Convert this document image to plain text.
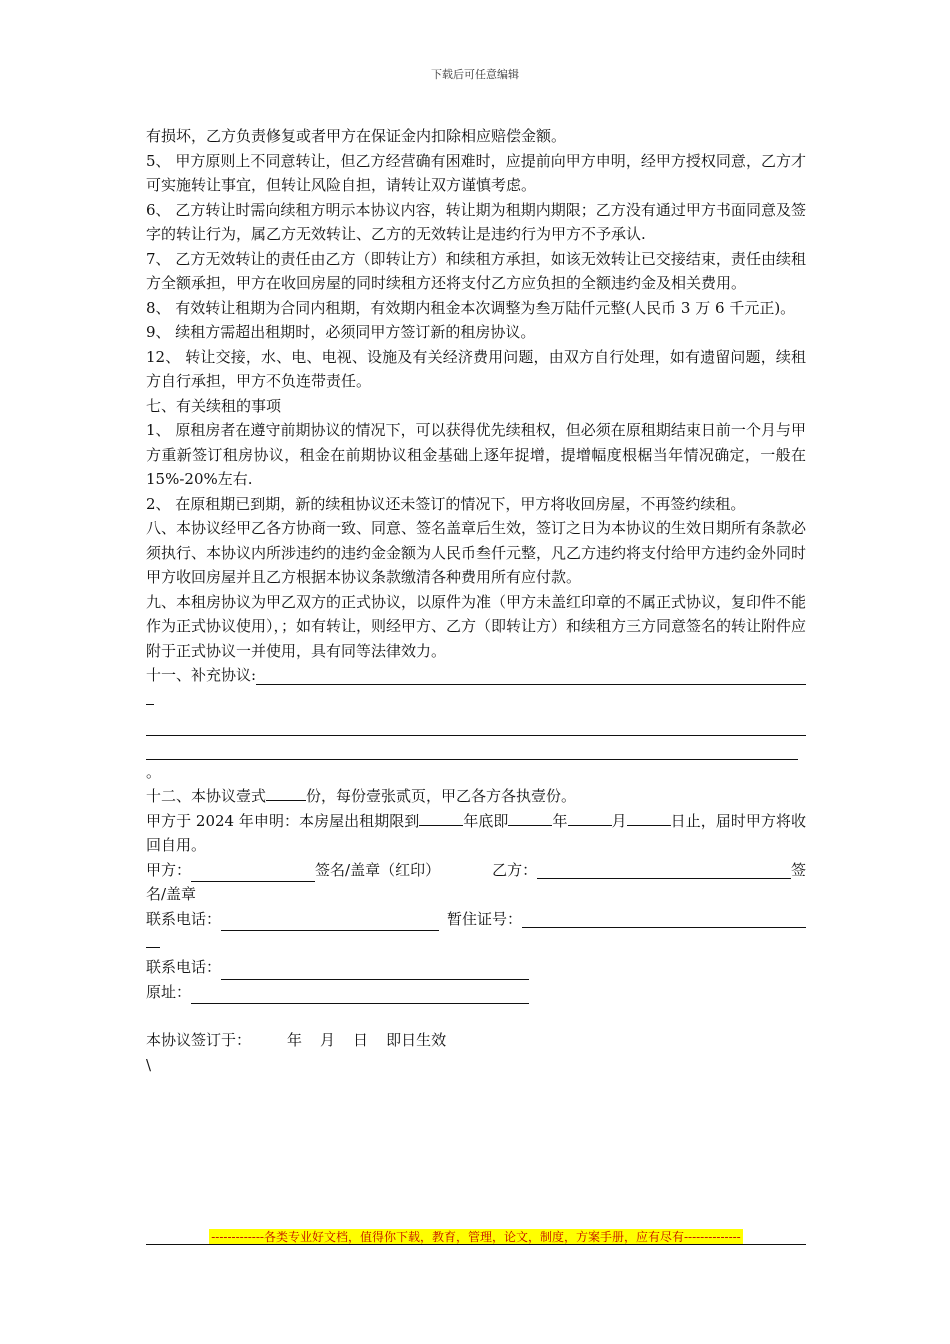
下载后可任意编辑

有损坏，乙方负责修复或者甲方在保证金内扣除相应赔偿金额。

5、 甲方原则上不同意转让，但乙方经营确有困难时，应提前向甲方申明，经甲方授权同意，乙方才可实施转让事宜，但转让风险自担，请转让双方谨慎考虑。

6、 乙方转让时需向续租方明示本协议内容，转让期为租期内期限；乙方没有通过甲方书面同意及签字的转让行为，属乙方无效转让、乙方的无效转让是违约行为甲方不予承认.

7、 乙方无效转让的责任由乙方（即转让方）和续租方承担，如该无效转让已交接结束，责任由续租方全额承担，甲方在收回房屋的同时续租方还将支付乙方应负担的全额违约金及相关费用。

8、 有效转让租期为合同内租期，有效期内租金本次调整为叁万陆仟元整(人民币 3 万 6 千元正)。

9、 续租方需超出租期时，必须同甲方签订新的租房协议。

12、 转让交接，水、电、电视、设施及有关经济费用问题，由双方自行处理，如有遗留问题，续租方自行承担，甲方不负连带责任。

七、有关续租的事项

1、 原租房者在遵守前期协议的情况下，可以获得优先续租权，但必须在原租期结束日前一个月与甲方重新签订租房协议，租金在前期协议租金基础上逐年捉增，提增幅度根椐当年情况确定，一般在 15%-20%左右.

2、 在原租期已到期，新的续租协议还未签订的情况下，甲方将收回房屋，不再签约续租。

八、本协议经甲乙各方协商一致、同意、签名盖章后生效，签订之日为本协议的生效日期所有条款必须执行、本协议内所涉违约的违约金金额为人民币叁仟元整，凡乙方违约将支付给甲方违约金外同时甲方收回房屋并且乙方根据本协议条款缴清各种费用所有应付款。

九、本租房协议为甲乙双方的正式协议，以原件为准（甲方未盖红印章的不属正式协议，复印件不能作为正式协议使用），；如有转让，则经甲方、乙方（即转让方）和续租方三方同意签名的转让附件应附于正式协议一并使用，具有同等法律效力。

十一、补充协议:
。
十二、本协议壹式	份，每份壹张贰页，甲乙各方各执壹份。

甲方于 2024 年申明：本房屋出租期限到	年底即	年	月	日止，届时甲方将收回自用。

甲方：	签名/盖章（红印）	乙方：	签
名/盖章
联系电话：	暂住证号：
联系电话：
原址：
本协议签订于： 年 月 日 即日生效
\
-------------各类专业好文档，值得你下载，教育，管理，论文，制度，方案手册，应有尽有--------------
